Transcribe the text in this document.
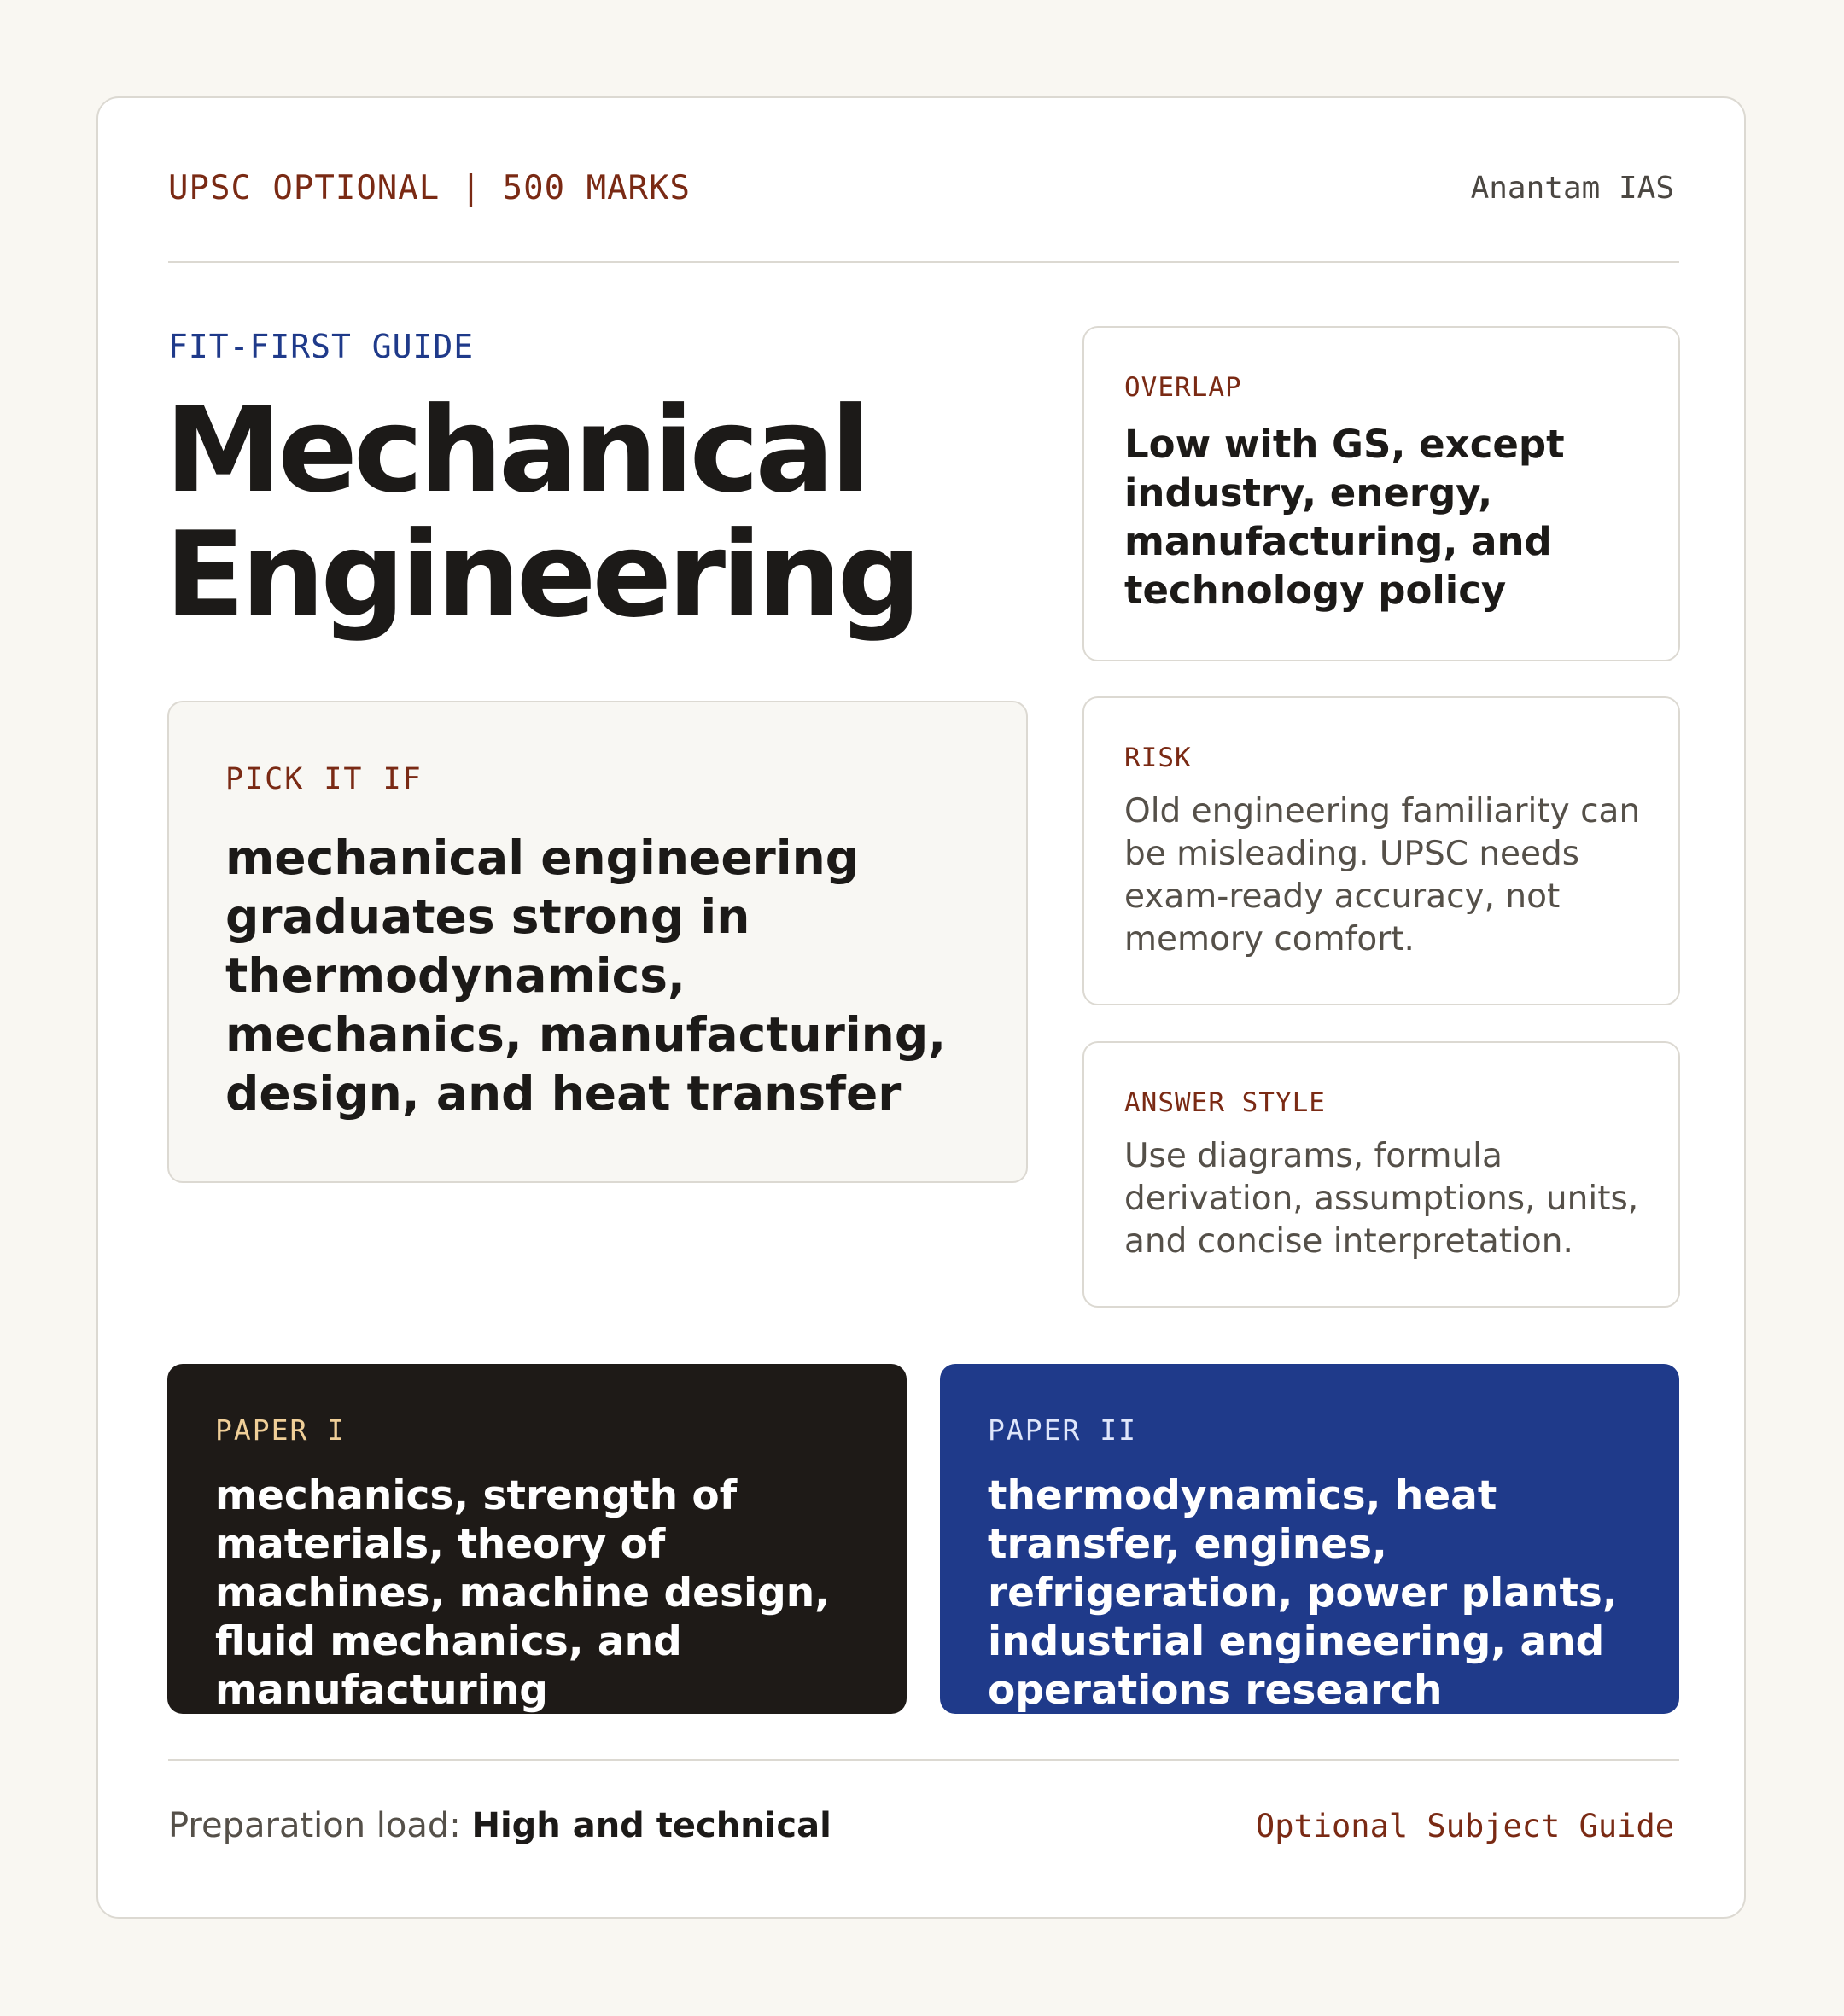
UPSC OPTIONAL | 500 MARKS	Anantam IAS
FIT-FIRST GUIDE
Mechanical
Engineering
PICK IT IF
mechanical engineering graduates strong in thermodynamics, mechanics, manufacturing, design, and heat transfer
OVERLAP
Low with GS, except industry, energy, manufacturing, and technology policy
RISK
Old engineering familiarity can be misleading. UPSC needs exam-ready accuracy, not memory comfort.
ANSWER STYLE
Use diagrams, formula derivation, assumptions, units, and concise interpretation.
PAPER I
mechanics, strength of materials, theory of machines, machine design, fluid mechanics, and manufacturing
PAPER II
thermodynamics, heat transfer, engines, refrigeration, power plants, industrial engineering, and operations research
Preparation load: High and technical	Optional Subject Guide
